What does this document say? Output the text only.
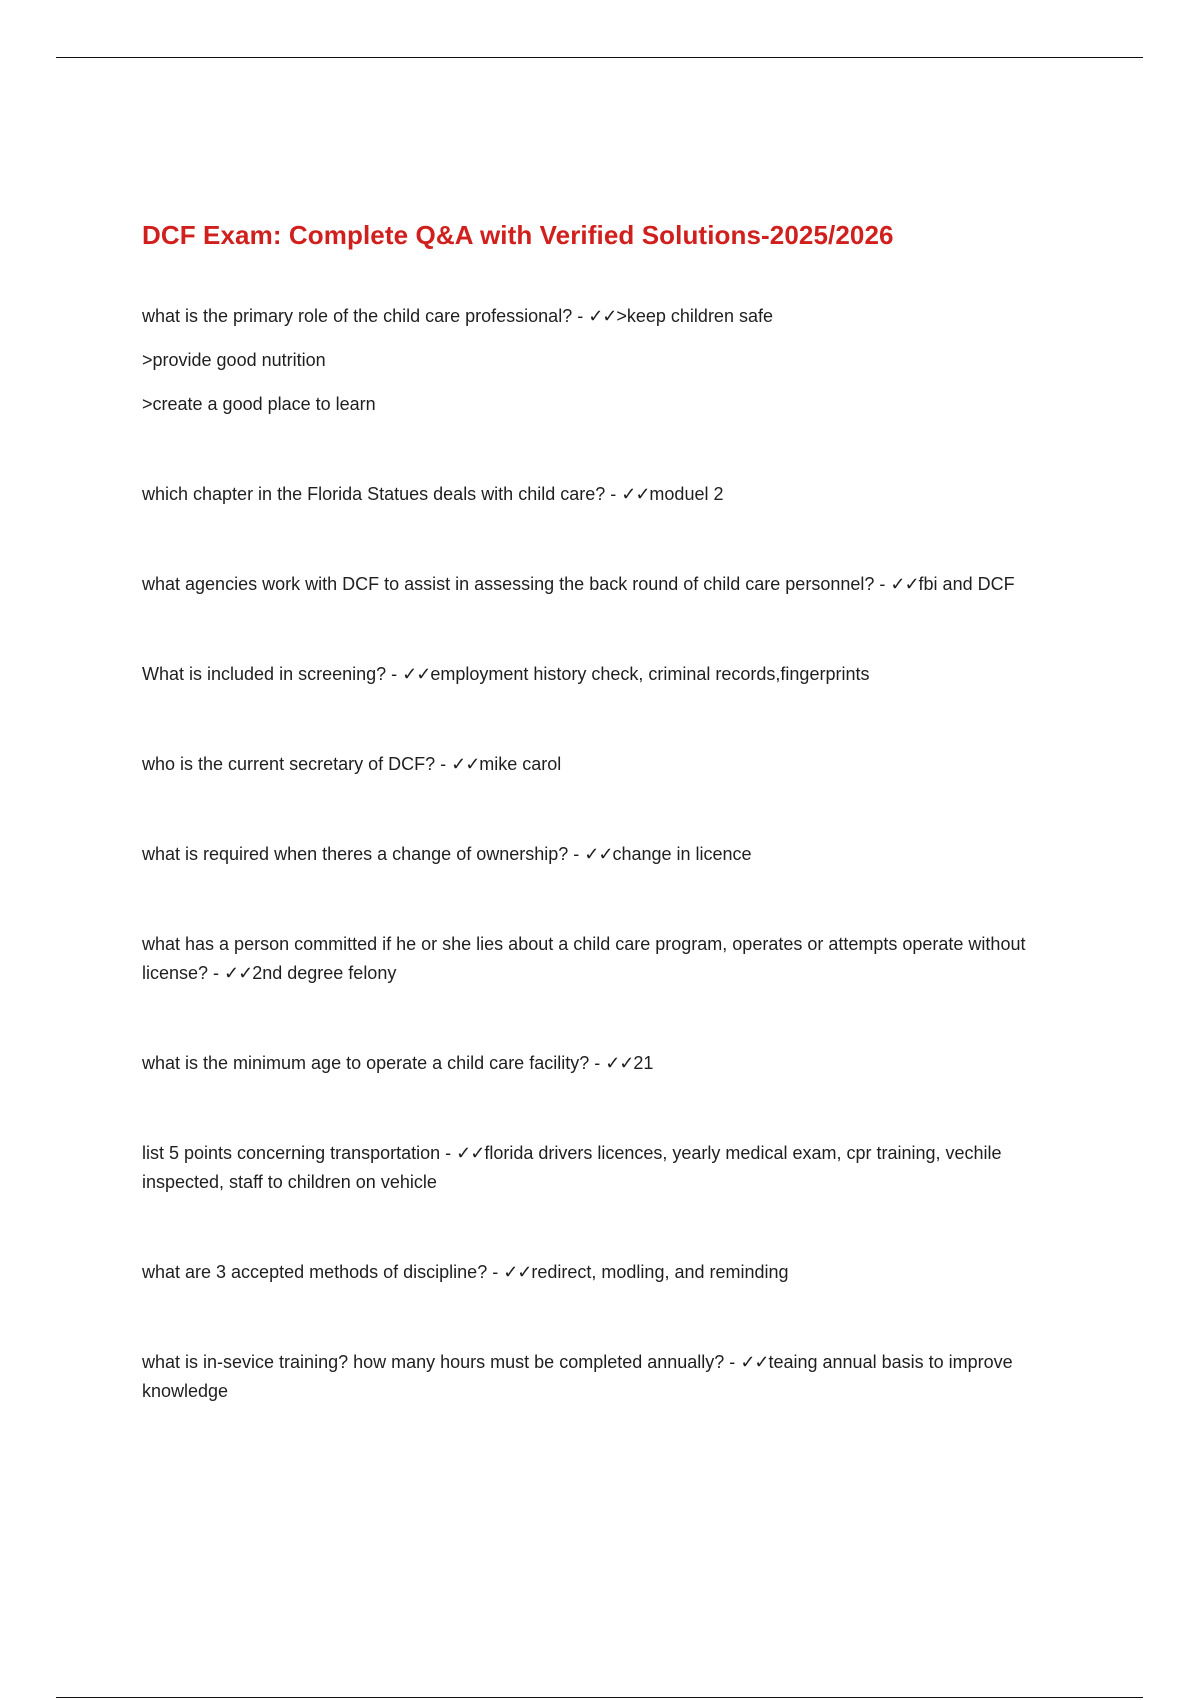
DCF Exam: Complete Q&A with Verified Solutions-2025/2026
what is the primary role of the child care professional? - ✓✓>keep children safe
>provide good nutrition
>create a good place to learn
which chapter in the Florida Statues deals with child care? - ✓✓moduel 2
what agencies work with DCF to assist in assessing the back round of child care personnel? - ✓✓fbi and DCF
What is included in screening? - ✓✓employment history check, criminal records,fingerprints
who is the current secretary of DCF? - ✓✓mike carol
what is required when theres a change of ownership? - ✓✓change in licence
what has a person committed if he or she lies about a child care program, operates or attempts operate without license? - ✓✓2nd degree felony
what is the minimum age to operate a child care facility? - ✓✓21
list 5 points concerning transportation - ✓✓florida drivers licences, yearly medical exam, cpr training, vechile inspected, staff to children on vehicle
what are 3 accepted methods of discipline? - ✓✓redirect, modling, and reminding
what is in-sevice training? how many hours must be completed annually? - ✓✓teaing annual basis to improve knowledge
